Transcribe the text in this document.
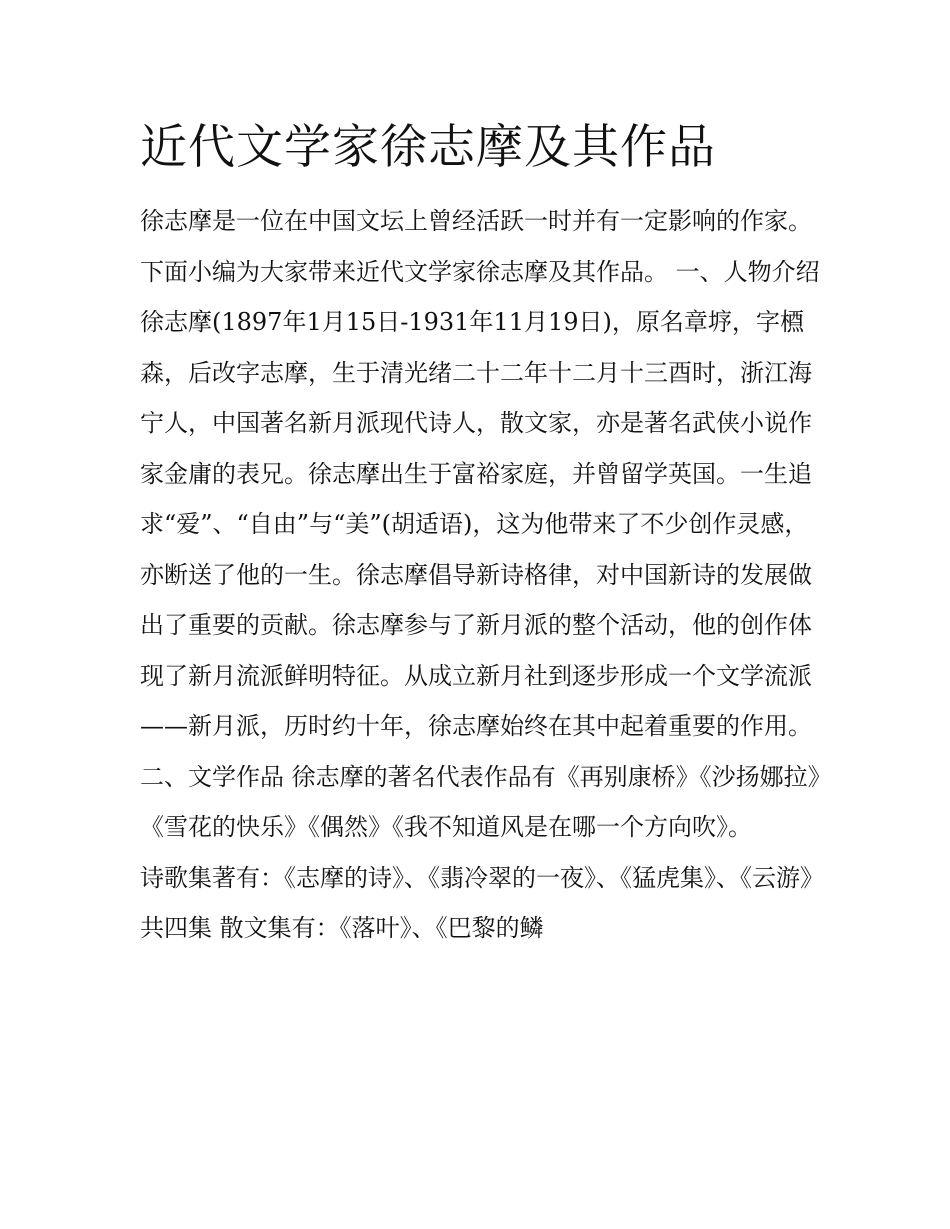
近代文学家徐志摩及其作品

徐志摩是一位在中国文坛上曾经活跃一时并有一定影响的作家。下面小编为大家带来近代文学家徐志摩及其作品。 一、人物介绍

徐志摩(1897年1月15日-1931年11月19日)，原名章垿，字槱森，后改字志摩，生于清光绪二十二年十二月十三酉时，浙江海宁人，中国著名新月派现代诗人，散文家，亦是著名武侠小说作家金庸的表兄。徐志摩出生于富裕家庭，并曾留学英国。一生追求“爱”、“自由”与“美”(胡适语)，这为他带来了不少创作灵感，亦断送了他的一生。徐志摩倡导新诗格律，对中国新诗的发展做出了重要的贡献。徐志摩参与了新月派的整个活动，他的创作体现了新月流派鲜明特征。从成立新月社到逐步形成一个文学流派——新月派，历时约十年，徐志摩始终在其中起着重要的作用。

二、文学作品 徐志摩的著名代表作品有《再别康桥》《沙扬娜拉》《雪花的快乐》《偶然》《我不知道风是在哪一个方向吹》。

诗歌集著有：《志摩的诗》、《翡冷翠的一夜》、《猛虎集》、《云游》共四集 散文集有：《落叶》、《巴黎的鳞
